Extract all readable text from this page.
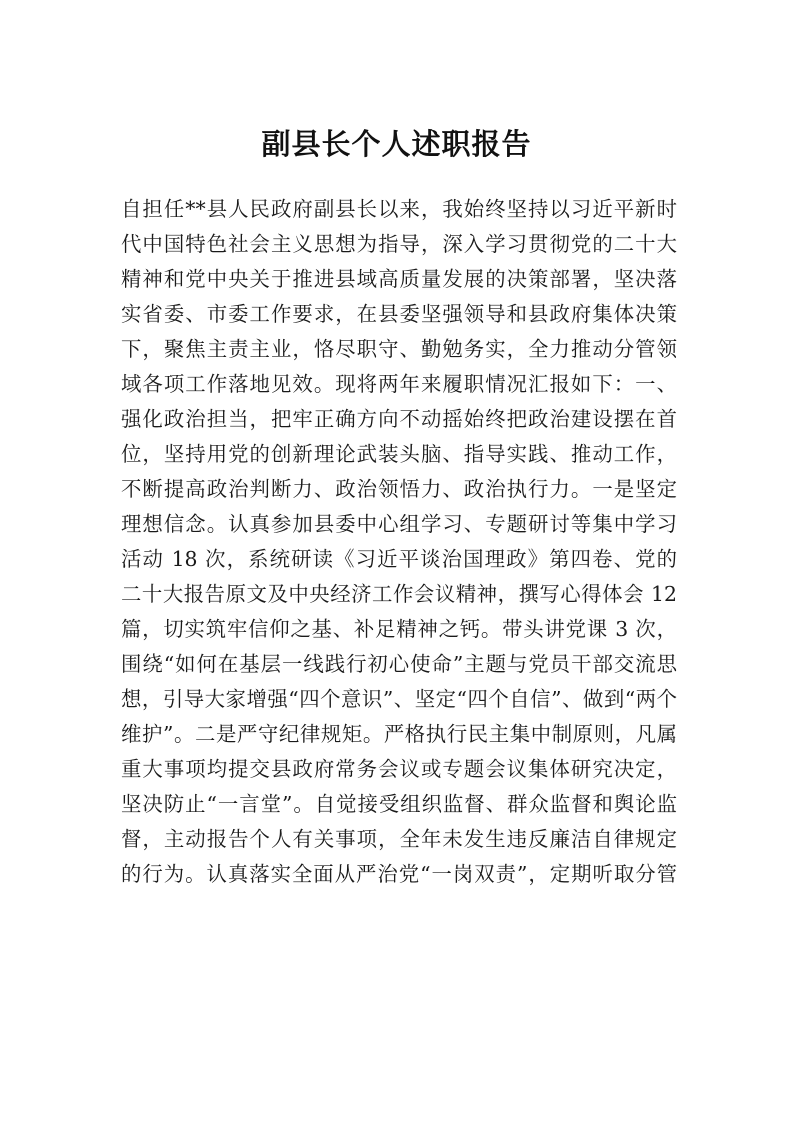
副县长个人述职报告
自担任**县人民政府副县长以来，我始终坚持以习近平新时
代中国特色社会主义思想为指导，深入学习贯彻党的二十大
精神和党中央关于推进县域高质量发展的决策部署，坚决落
实省委、市委工作要求，在县委坚强领导和县政府集体决策
下，聚焦主责主业，恪尽职守、勤勉务实，全力推动分管领
域各项工作落地见效。现将两年来履职情况汇报如下：一、
强化政治担当，把牢正确方向不动摇始终把政治建设摆在首
位，坚持用党的创新理论武装头脑、指导实践、推动工作，
不断提高政治判断力、政治领悟力、政治执行力。一是坚定
理想信念。认真参加县委中心组学习、专题研讨等集中学习
活动 18 次，系统研读《习近平谈治国理政》第四卷、党的
二十大报告原文及中央经济工作会议精神，撰写心得体会 12
篇，切实筑牢信仰之基、补足精神之钙。带头讲党课 3 次，
围绕“如何在基层一线践行初心使命”主题与党员干部交流思
想，引导大家增强“四个意识”、坚定“四个自信”、做到“两个
维护”。二是严守纪律规矩。严格执行民主集中制原则，凡属
重大事项均提交县政府常务会议或专题会议集体研究决定，
坚决防止“一言堂”。自觉接受组织监督、群众监督和舆论监
督，主动报告个人有关事项，全年未发生违反廉洁自律规定
的行为。认真落实全面从严治党“一岗双责”，定期听取分管
